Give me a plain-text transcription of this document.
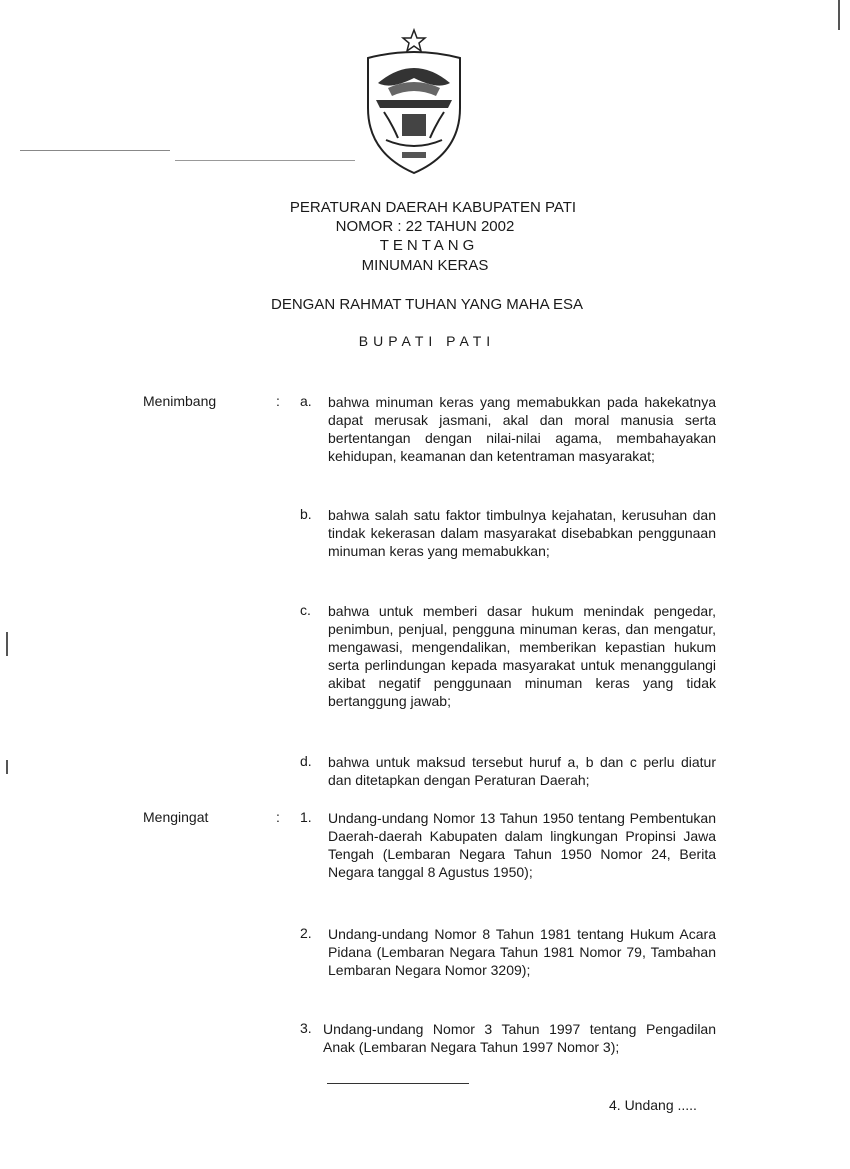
PERATURAN DAERAH KABUPATEN PATI
NOMOR : 22 TAHUN 2002
TENTANG
MINUMAN KERAS
DENGAN RAHMAT TUHAN YANG MAHA ESA
BUPATI PATI
Menimbang	: a. bahwa minuman keras yang memabukkan pada hakekatnya dapat merusak jasmani, akal dan moral manusia serta bertentangan dengan nilai-nilai agama, membahayakan kehidupan, keamanan dan ketentraman masyarakat;
b. bahwa salah satu faktor timbulnya kejahatan, kerusuhan dan tindak kekerasan dalam masyarakat disebabkan penggunaan minuman keras yang memabukkan;
c. bahwa untuk memberi dasar hukum menindak pengedar, penimbun, penjual, pengguna minuman keras, dan mengatur, mengawasi, mengendalikan, memberikan kepastian hukum serta perlindungan kepada masyarakat untuk menanggulangi akibat negatif penggunaan minuman keras yang tidak bertanggung jawab;
d. bahwa untuk maksud tersebut huruf a, b dan c perlu diatur dan ditetapkan dengan Peraturan Daerah;
Mengingat	: 1. Undang-undang Nomor 13 Tahun 1950 tentang Pembentukan Daerah-daerah Kabupaten dalam lingkungan Propinsi Jawa Tengah (Lembaran Negara Tahun 1950 Nomor 24, Berita Negara tanggal 8 Agustus 1950);
2. Undang-undang Nomor 8 Tahun 1981 tentang Hukum Acara Pidana (Lembaran Negara Tahun 1981 Nomor 79, Tambahan Lembaran Negara Nomor 3209);
3. Undang-undang Nomor 3 Tahun 1997 tentang Pengadilan Anak (Lembaran Negara Tahun 1997 Nomor 3);
4. Undang .....
